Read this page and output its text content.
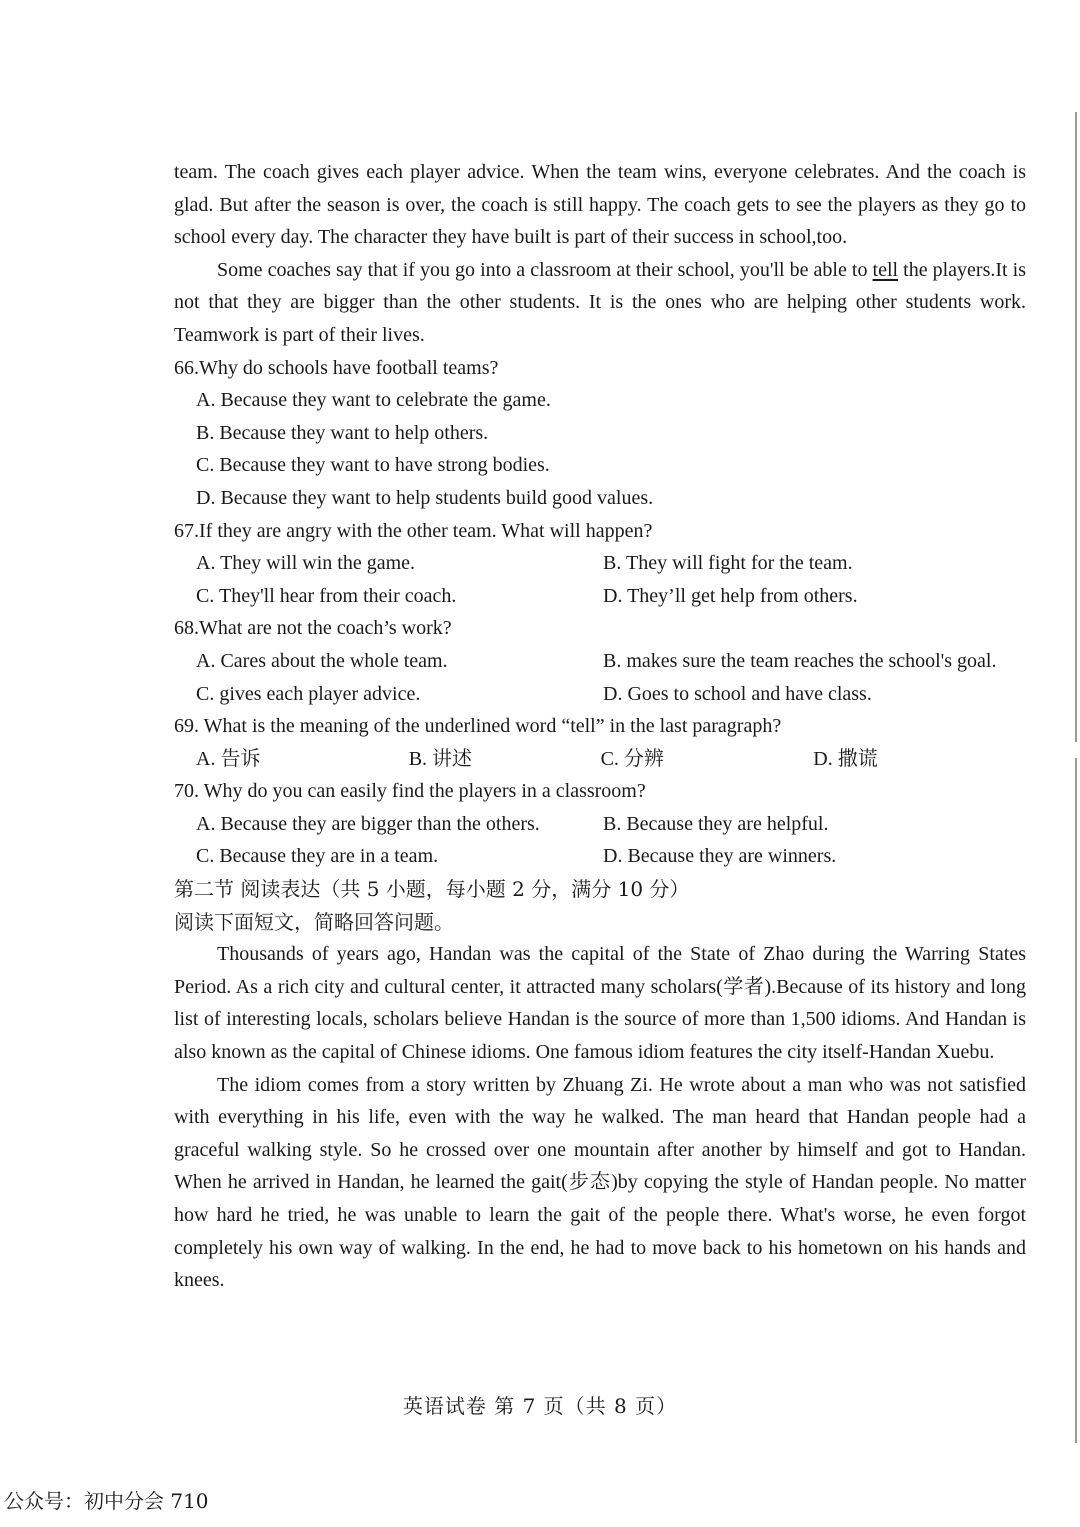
team. The coach gives each player advice. When the team wins, everyone celebrates. And the coach is glad. But after the season is over, the coach is still happy. The coach gets to see the players as they go to school every day. The character they have built is part of their success in school,too.

Some coaches say that if you go into a classroom at their school, you'll be able to tell the players.It is not that they are bigger than the other students. It is the ones who are helping other students work. Teamwork is part of their lives.

66.Why do schools have football teams?

A. Because they want to celebrate the game.

B. Because they want to help others.

C. Because they want to have strong bodies.

D. Because they want to help students build good values.

67.If they are angry with the other team. What will happen?

A. They will win the game.	B. They will fight for the team.
C. They'll hear from their coach.	D. They’ll get help from others.

68.What are not the coach’s work?

A. Cares about the whole team.	B. makes sure the team reaches the school's goal.
C. gives each player advice.	D. Goes to school and have class.

69. What is the meaning of the underlined word “tell” in the last paragraph?

A. 告诉	B. 讲述	C. 分辨	D. 撒谎

70. Why do you can easily find the players in a classroom?

A. Because they are bigger than the others.	B. Because they are helpful.
C. Because they are in a team.	D. Because they are winners.

第二节 阅读表达（共 5 小题，每小题 2 分，满分 10 分）

阅读下面短文，简略回答问题。

Thousands of years ago, Handan was the capital of the State of Zhao during the Warring States Period. As a rich city and cultural center, it attracted many scholars(学者).Because of its history and long list of interesting locals, scholars believe Handan is the source of more than 1,500 idioms. And Handan is also known as the capital of Chinese idioms. One famous idiom features the city itself-Handan Xuebu.

The idiom comes from a story written by Zhuang Zi. He wrote about a man who was not satisfied with everything in his life, even with the way he walked. The man heard that Handan people had a graceful walking style. So he crossed over one mountain after another by himself and got to Handan. When he arrived in Handan, he learned the gait(步态)by copying the style of Handan people. No matter how hard he tried, he was unable to learn the gait of the people there. What's worse, he even forgot completely his own way of walking. In the end, he had to move back to his hometown on his hands and knees.

英语试卷 第 7 页（共 8 页）
公众号：初中分会 710
